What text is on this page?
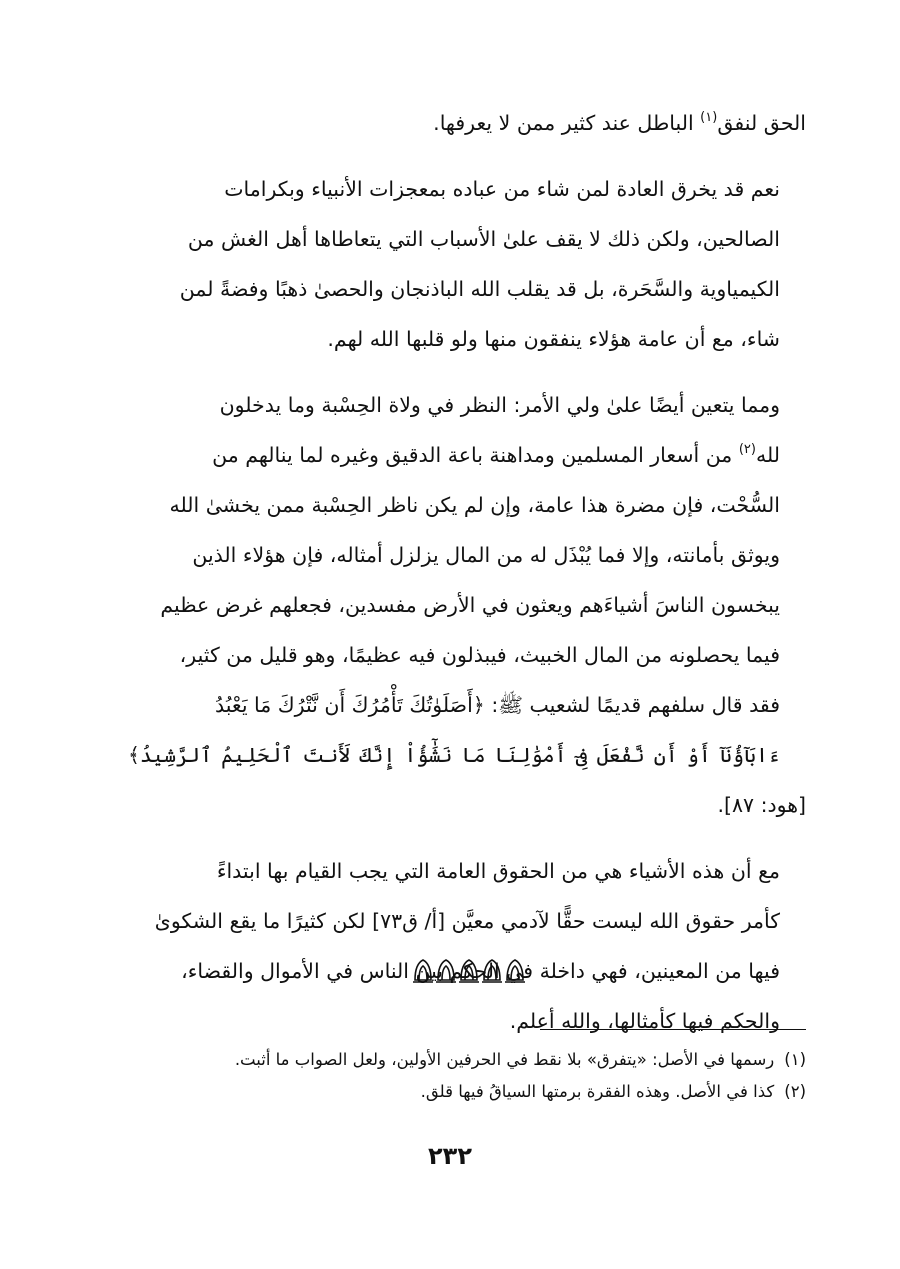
الحق لنفق$^{(١)}$ الباطل عند كثير ممن لا يعرفها.

نعم قد يخرق العادة لمن شاء من عباده بمعجزات الأنبياء وبكرامات
الصالحين، ولكن ذلك لا يقف علىٰ الأسباب التي يتعاطاها أهل الغش من
الكيمياوية والسَّحَرة، بل قد يقلب الله الباذنجان والحصىٰ ذهبًا وفضةً لمن
شاء، مع أن عامة هؤلاء ينفقون منها ولو قلبها الله لهم.

ومما يتعين أيضًا علىٰ ولي الأمر: النظر في ولاة الحِسْبة وما يدخلون
لله$^{(٢)}$ من أسعار المسلمين ومداهنة باعة الدقيق وغيره لما ينالهم من
السُّحْت، فإن مضرة هذا عامة، وإن لم يكن ناظر الحِسْبة ممن يخشىٰ الله
ويوثق بأمانته، وإلا فما يُبْذَل له من المال يزلزل أمثاله، فإن هؤلاء الذين
يبخسون الناسَ أشياءَهم ويعثون في الأرض مفسدين، فجعلهم غرض عظيم
فيما يحصلونه من المال الخبيث، فيبذلون فيه عظيمًا، وهو قليل من كثير،
فقد قال سلفهم قديمًا لشعيب ﷺ: ﴿أَصَلَوٰتُكَ تَأْمُرُكَ أَن نَّتْرُكَ مَا يَعْبُدُ
ءَابَآؤُنَآ أَوْ أَن نَّفْعَلَ فِىٓ أَمْوَٰلِنَا مَا نَشَٰٓؤُاْ إِنَّكَ لَأَنتَ ٱلْحَلِيمُ ٱلرَّشِيدُ﴾ [هود: ٨٧].

مع أن هذه الأشياء هي من الحقوق العامة التي يجب القيام بها ابتداءً
كأمر حقوق الله ليست حقًّا لآدمي معيَّن [أ/ ق٧٣] لكن كثيرًا ما يقع الشكوىٰ
فيها من المعينين، فهي داخلة في الحكم بين الناس في الأموال والقضاء،
والحكم فيها كأمثالها، والله أعلم.

(١)رسمها في الأصل: «يتفرق» بلا نقط في الحرفين الأولين، ولعل الصواب ما أثبت.
(٢)كذا في الأصل. وهذه الفقرة برمتها السياقُ فيها قلق.
٢٣٢
